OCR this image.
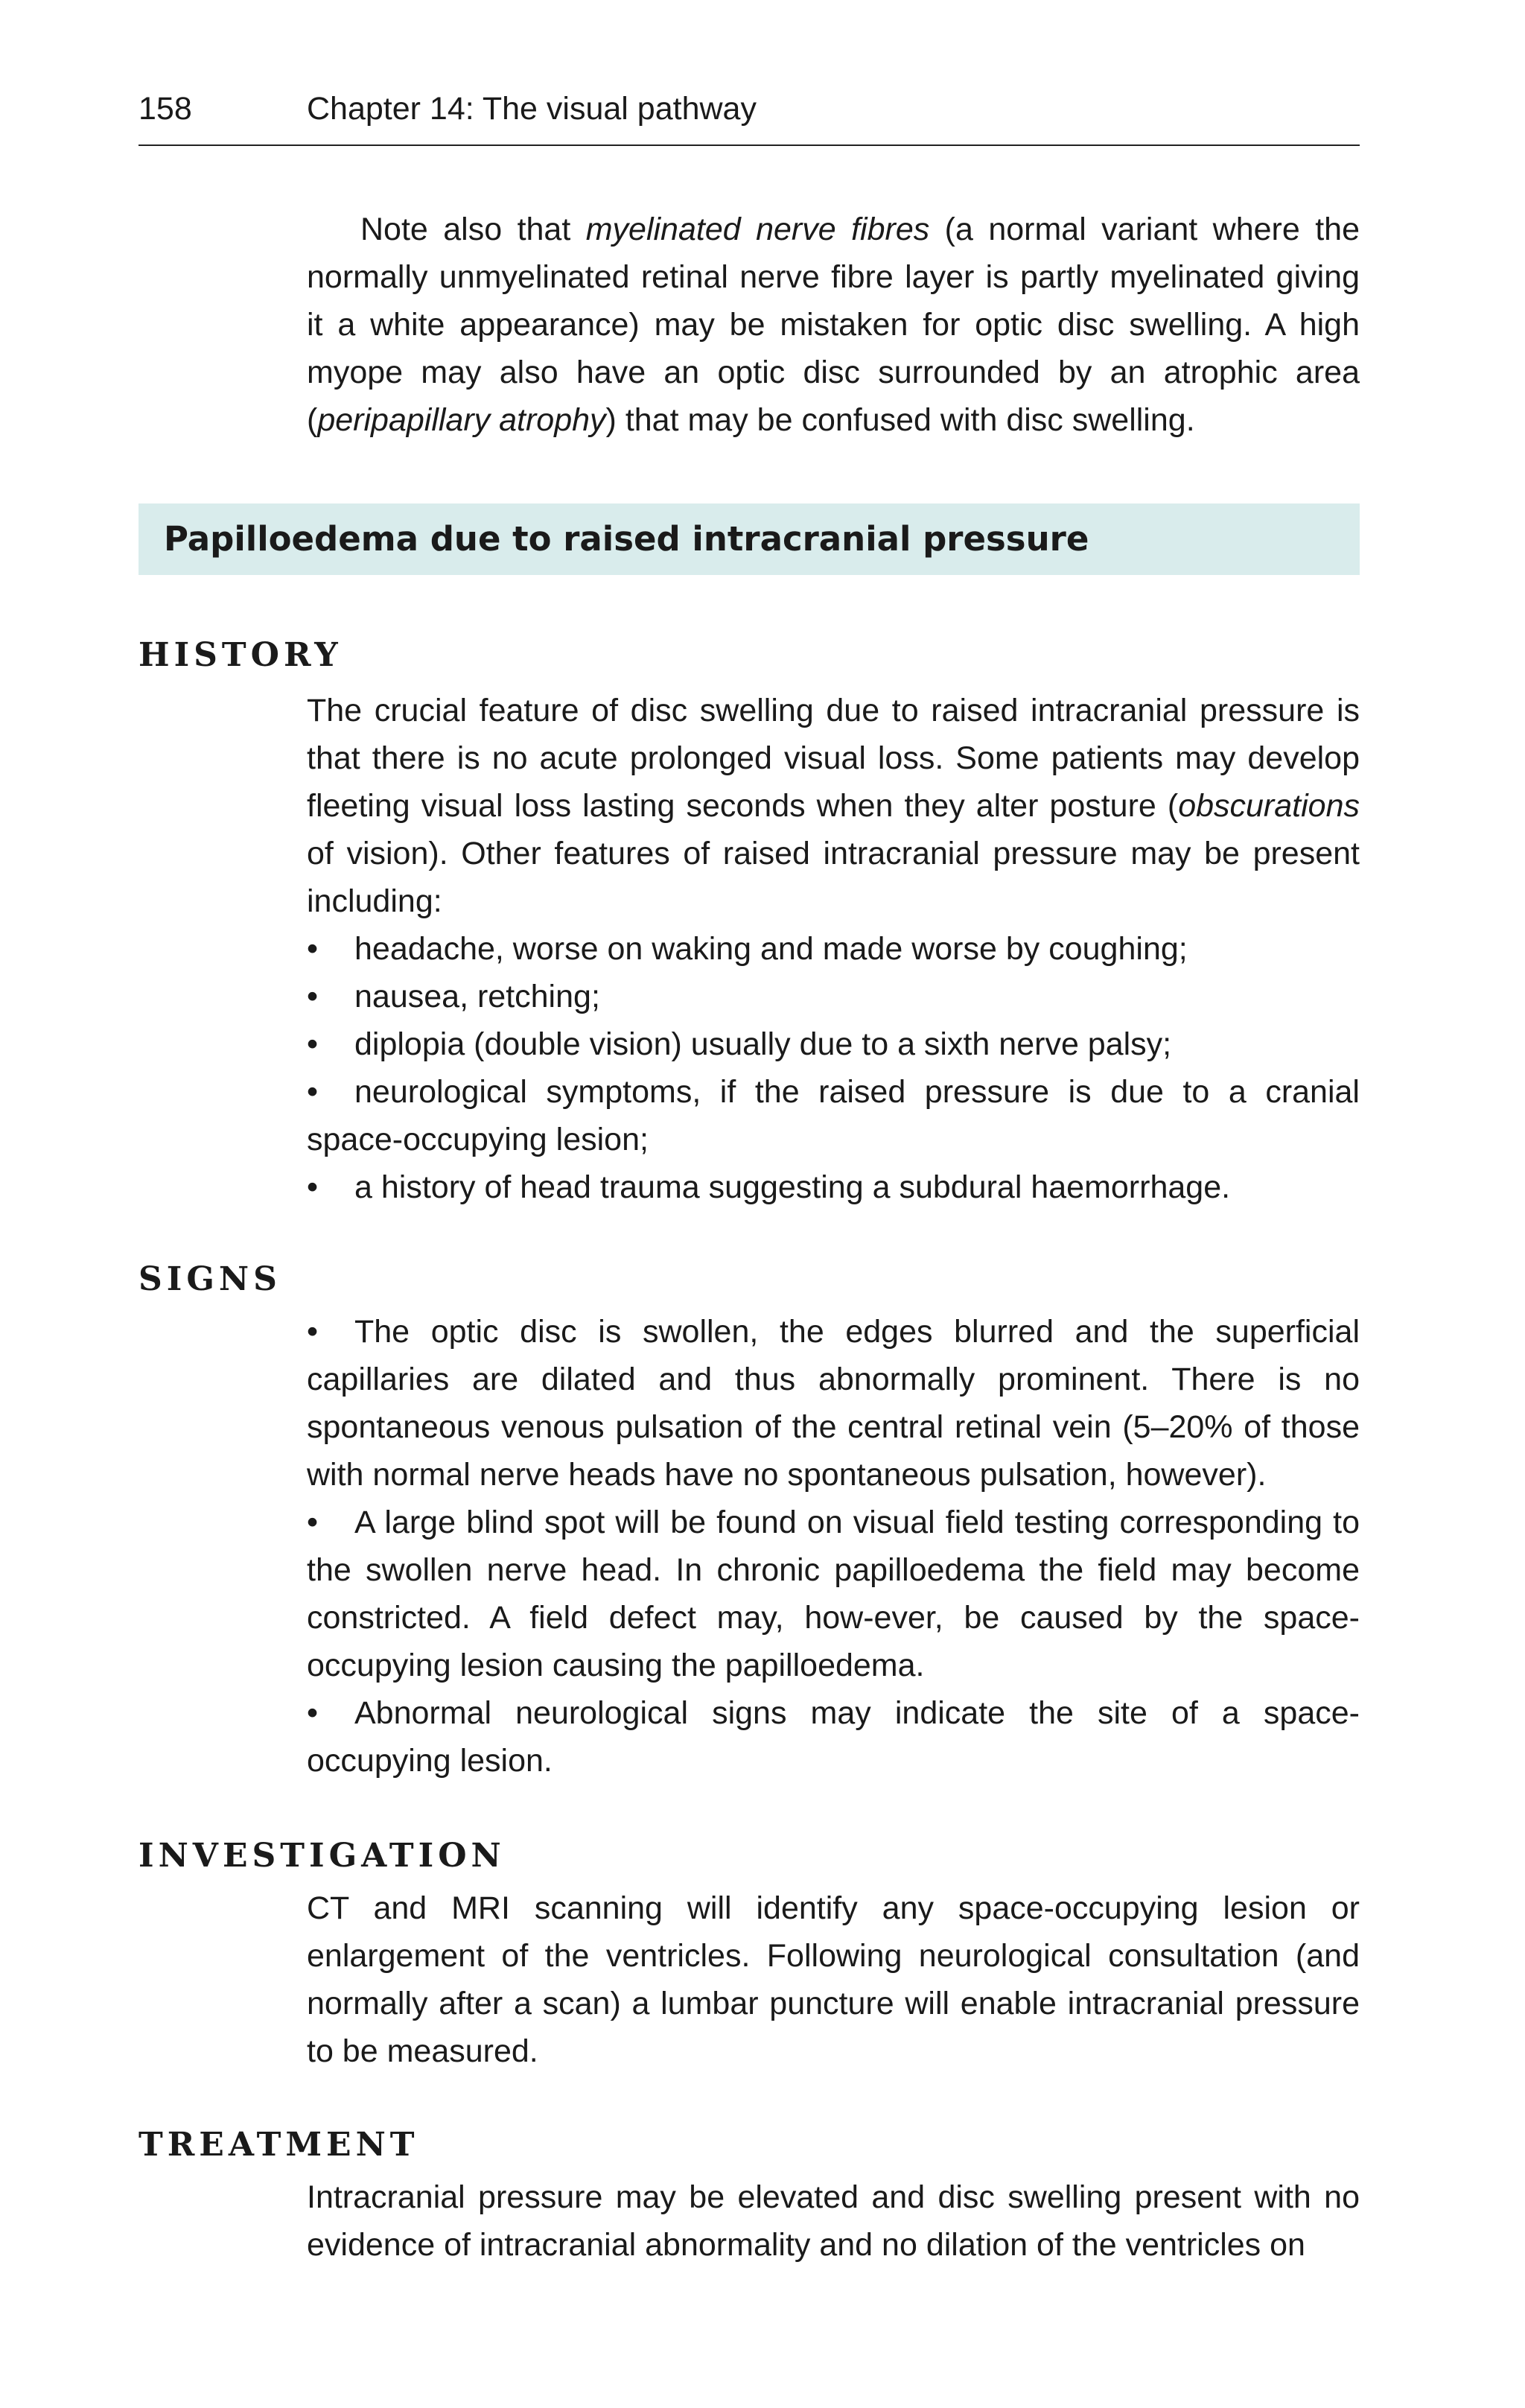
158	Chapter 14: The visual pathway

Note also that myelinated nerve fibres (a normal variant where the normally unmyelinated retinal nerve fibre layer is partly myelinated giving it a white appearance) may be mistaken for optic disc swelling. A high myope may also have an optic disc surrounded by an atrophic area (peripapillary atrophy) that may be confused with disc swelling.

Papilloedema due to raised intracranial pressure
HISTORY

The crucial feature of disc swelling due to raised intracranial pressure is that there is no acute prolonged visual loss. Some patients may develop fleeting visual loss lasting seconds when they alter posture (obscurations of vision). Other features of raised intracranial pressure may be present including:

• headache, worse on waking and made worse by coughing;

• nausea, retching;

• diplopia (double vision) usually due to a sixth nerve palsy;

• neurological symptoms, if the raised pressure is due to a cranial space-occupying lesion;

• a history of head trauma suggesting a subdural haemorrhage.

SIGNS

• The optic disc is swollen, the edges blurred and the superficial capillaries are dilated and thus abnormally prominent. There is no spontaneous venous pulsation of the central retinal vein (5–20% of those with normal nerve heads have no spontaneous pulsation, however).

• A large blind spot will be found on visual field testing corresponding to the swollen nerve head. In chronic papilloedema the field may become constricted. A field defect may, how-ever, be caused by the space-occupying lesion causing the papilloedema.

• Abnormal neurological signs may indicate the site of a space-occupying lesion.

INVESTIGATION

CT and MRI scanning will identify any space-occupying lesion or enlargement of the ventricles. Following neurological consultation (and normally after a scan) a lumbar puncture will enable intracranial pressure to be measured.

TREATMENT

Intracranial pressure may be elevated and disc swelling present with no evidence of intracranial abnormality and no dilation of the ventricles on
